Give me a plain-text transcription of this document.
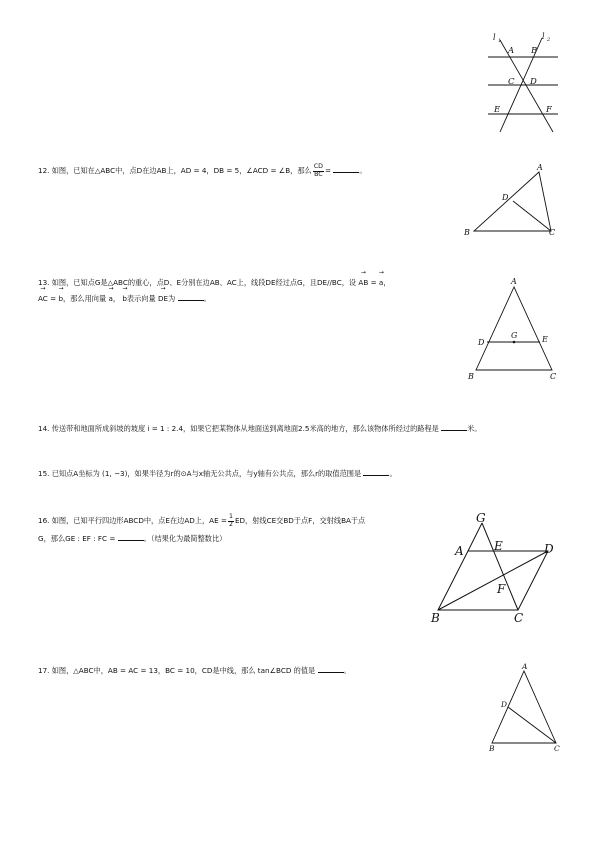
l 1	l 2
A B
C D
E	F
12. 如图，已知在△ABC中，点D在边AB上，AD = 4，DB = 5，∠ACD = ∠B，那么 $\frac{CD}{BC}$ =	。	A
B	C
D
13. 如图，已知点G是△ABC的重心，点D、E分别在边AB、AC上，线段DE经过点G，且DE//BC，设 → AB = → a，
→ AC = → b，那么用向量 → a， → b表示向量 → DE为	。
A
B	C
D	E
G
14. 传送带和地面所成斜坡的坡度 i = 1 : 2.4，如果它把某物体从地面送到离地面2.5米高的地方，那么该物体所经过的路程是	米。
15. 已知点A坐标为 (1, −3)，如果半径为r的⊙A与x轴无公共点，与y轴有公共点，那么r的取值范围是	。
16. 如图，已知平行四边形ABCD中，点E在边AD上，AE = $\frac{1}{2}$ ED，射线CE交BD于点F，交射线BA于点
G，那么GE : EF : FC =	。（结果化为最简整数比）
G
A	E	D
F
B	C
17. 如图，△ABC中，AB = AC = 13，BC = 10，CD是中线，那么 tan∠BCD 的值是	。	A
B	C
D
